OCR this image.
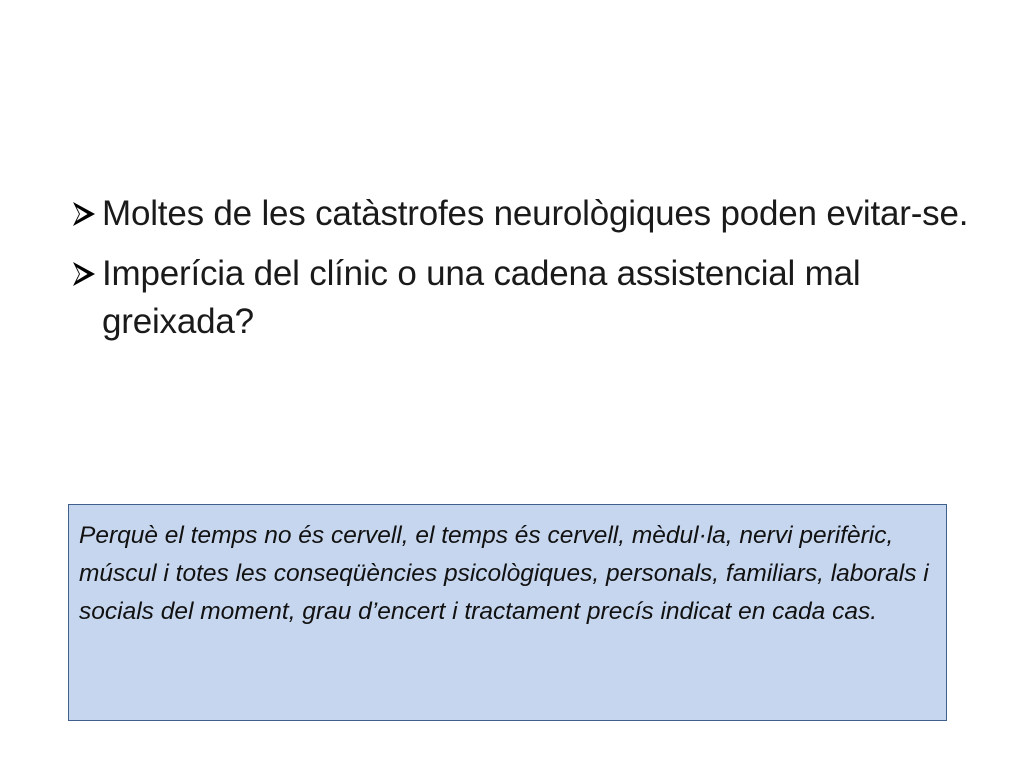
Moltes de les catàstrofes neurològiques poden evitar-se.
Imperícia del clínic o una cadena assistencial mal greixada?

Perquè el temps no és cervell, el temps és cervell, mèdul·la, nervi perifèric, múscul i totes les conseqüències psicològiques, personals, familiars, laborals i socials del moment, grau d’encert i tractament precís indicat en cada cas.
